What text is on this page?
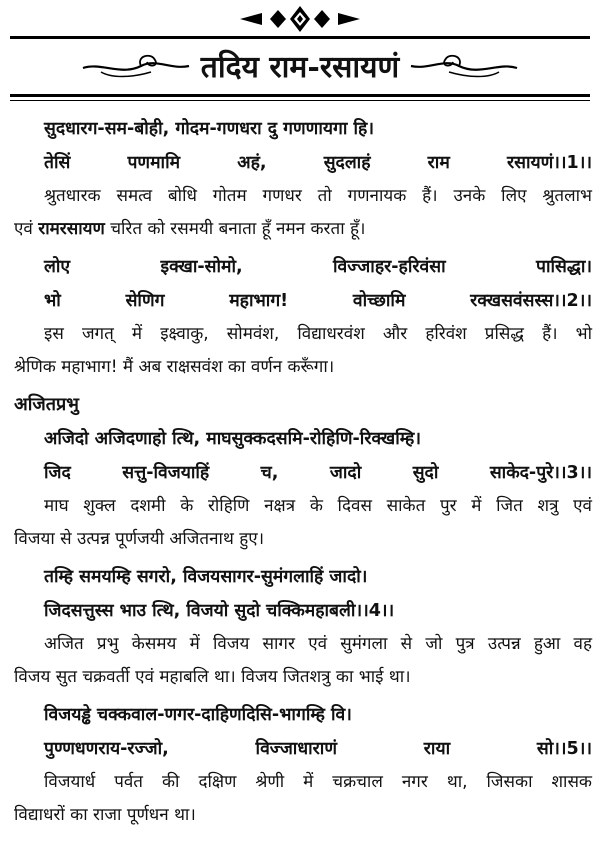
तदिय राम-रसायणं
सुदधारग-सम-बोही, गोदम-गणधरा दु गणणायगा हि।
तेसिं पणमामि अहं, सुदलाहं राम रसायणं।।1।।
श्रुतधारक समत्व बोधि गोतम गणधर तो गणनायक हैं। उनके लिए श्रुतलाभ
एवं रामरसायण चरित को रसमयी बनाता हूँ नमन करता हूँ।
लोए इक्खा-सोमो, विज्जाहर-हरिवंसा पासिद्धा।
भो सेणिग महाभाग! वोच्छामि रक्खसवंसस्स।।2।।
इस जगत् में इक्ष्वाकु, सोमवंश, विद्याधरवंश और हरिवंश प्रसिद्ध हैं। भो
श्रेणिक महाभाग! मैं अब राक्षसवंश का वर्णन करूँगा।
अजितप्रभु
अजिदो अजिदणाहो त्थि, माघसुक्कदसमि-रोहिणि-रिक्खम्हि।
जिद सत्तु-विजयाहिं च, जादो सुदो साकेद-पुरे।।3।।
माघ शुक्ल दशमी के रोहिणि नक्षत्र के दिवस साकेत पुर में जित शत्रु एवं
विजया से उत्पन्न पूर्णजयी अजितनाथ हुए।
तम्हि समयम्हि सगरो, विजयसागर-सुमंगलाहिं जादो।
जिदसत्तुस्स भाउ त्थि, विजयो सुदो चक्किमहाबली।।4।।
अजित प्रभु केसमय में विजय सागर एवं सुमंगला से जो पुत्र उत्पन्न हुआ वह
विजय सुत चक्रवर्ती एवं महाबलि था। विजय जितशत्रु का भाई था।
विजयड्ढे चक्कवाल-णगर-दाहिणदिसि-भागम्हि वि।
पुण्णधणराय-रज्जो, विज्जाधाराणं राया सो।।5।।
विजयार्ध पर्वत की दक्षिण श्रेणी में चक्रचाल नगर था, जिसका शासक
विद्याधरों का राजा पूर्णधन था।
